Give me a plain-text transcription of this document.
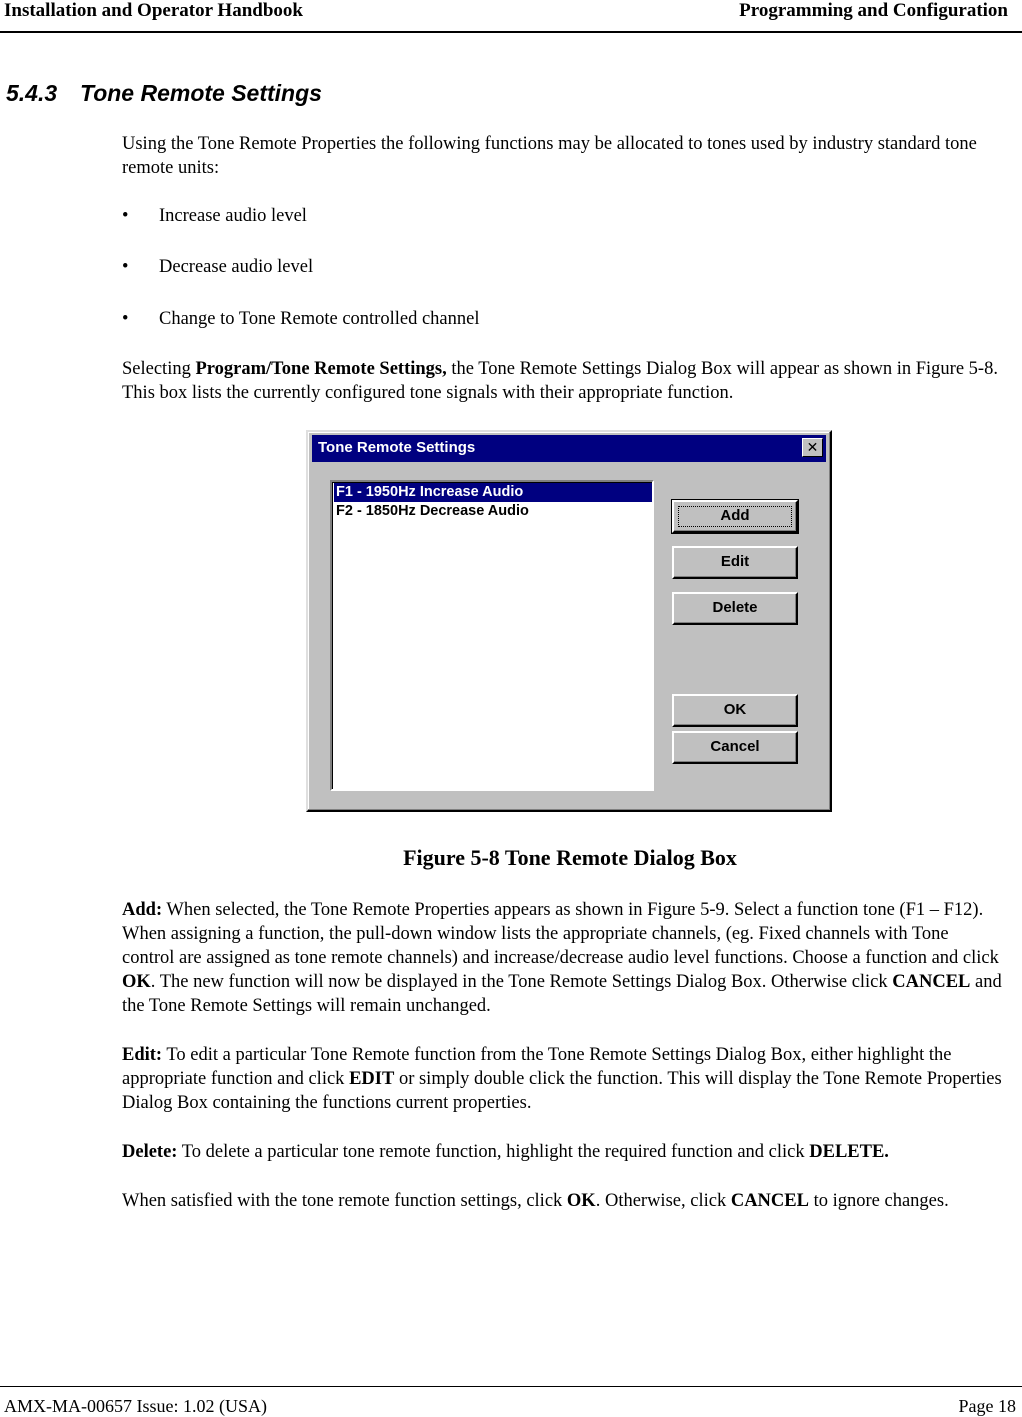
Installation and Operator Handbook	Programming and Configuration
5.4.3 Tone Remote Settings
Using the Tone Remote Properties the following functions may be allocated to tones used by industry standard tone remote units:
• Increase audio level
• Decrease audio level
• Change to Tone Remote controlled channel
Selecting Program/Tone Remote Settings, the Tone Remote Settings Dialog Box will appear as shown in Figure 5-8. This box lists the currently configured tone signals with their appropriate function.
Tone Remote Settings	✕
F1 - 1950Hz Increase Audio
F2 - 1850Hz Decrease Audio	Add
Edit
Delete
OK
Cancel
Figure 5-8 Tone Remote Dialog Box
Add: When selected, the Tone Remote Properties appears as shown in Figure 5-9. Select a function tone (F1 – F12). When assigning a function, the pull-down window lists the appropriate channels, (eg. Fixed channels with Tone control are assigned as tone remote channels) and increase/decrease audio level functions. Choose a function and click OK. The new function will now be displayed in the Tone Remote Settings Dialog Box. Otherwise click CANCEL and the Tone Remote Settings will remain unchanged.
Edit: To edit a particular Tone Remote function from the Tone Remote Settings Dialog Box, either highlight the appropriate function and click EDIT or simply double click the function. This will display the Tone Remote Properties Dialog Box containing the functions current properties.
Delete: To delete a particular tone remote function, highlight the required function and click DELETE.
When satisfied with the tone remote function settings, click OK. Otherwise, click CANCEL to ignore changes.
AMX-MA-00657 Issue: 1.02 (USA)	Page 18
